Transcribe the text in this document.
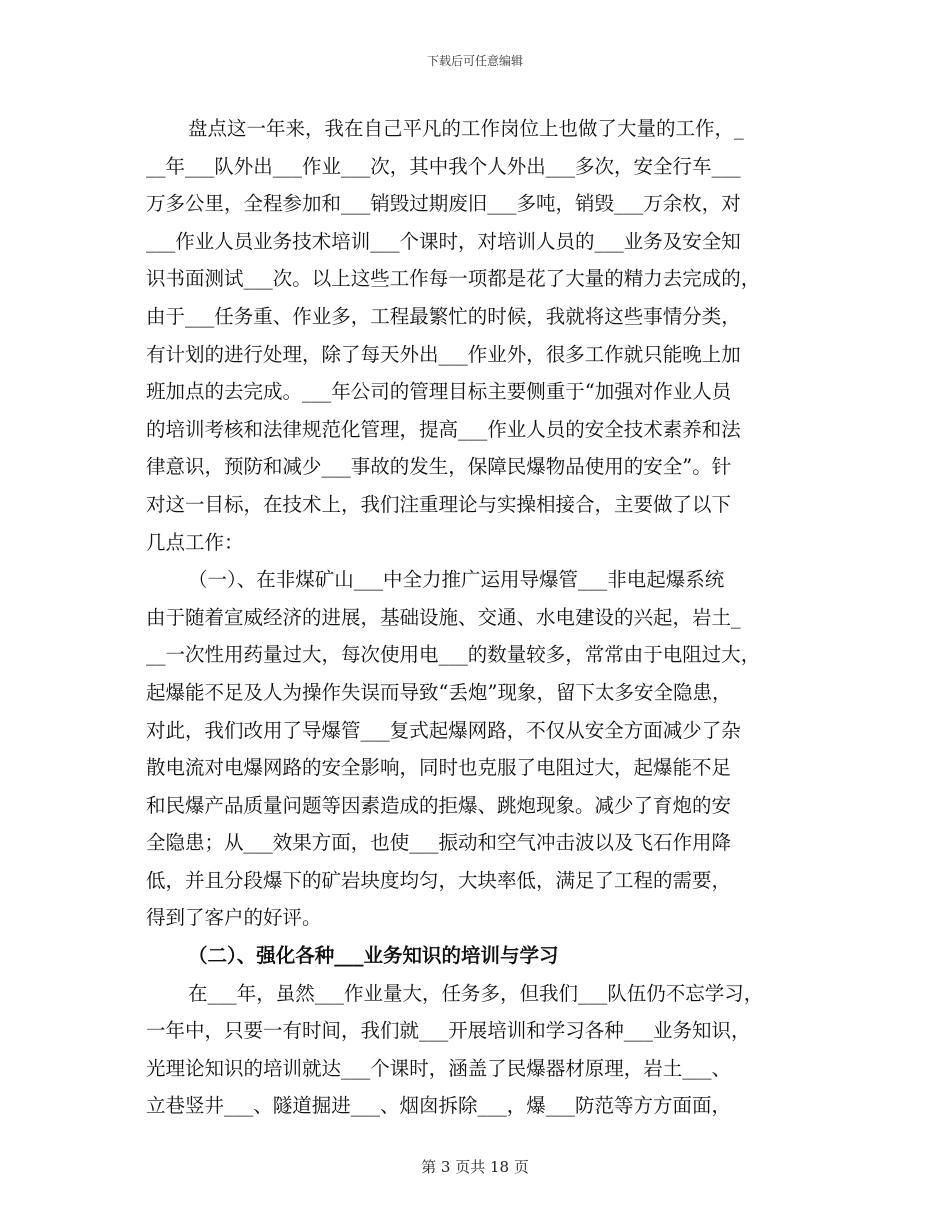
下载后可任意编辑
盘点这一年来，我在自己平凡的工作岗位上也做了大量的工作，_
__年___队外出___作业___次，其中我个人外出___多次，安全行车___
万多公里，全程参加和___销毁过期废旧___多吨，销毁___万余枚，对
___作业人员业务技术培训___个课时，对培训人员的___业务及安全知
识书面测试___次。以上这些工作每一项都是花了大量的精力去完成的，
由于___任务重、作业多，工程最繁忙的时候，我就将这些事情分类，
有计划的进行处理，除了每天外出___作业外，很多工作就只能晚上加
班加点的去完成。___年公司的管理目标主要侧重于“加强对作业人员
的培训考核和法律规范化管理，提高___作业人员的安全技术素养和法
律意识，预防和减少___事故的发生，保障民爆物品使用的安全”。针
对这一目标，在技术上，我们注重理论与实操相接合，主要做了以下
几点工作：
（一）、在非煤矿山___中全力推广运用导爆管___非电起爆系统
由于随着宣威经济的进展，基础设施、交通、水电建设的兴起，岩土_
__一次性用药量过大，每次使用电___的数量较多，常常由于电阻过大，
起爆能不足及人为操作失误而导致“丢炮”现象，留下太多安全隐患，
对此，我们改用了导爆管___复式起爆网路，不仅从安全方面减少了杂
散电流对电爆网路的安全影响，同时也克服了电阻过大，起爆能不足
和民爆产品质量问题等因素造成的拒爆、跳炮现象。减少了育炮的安
全隐患；从___效果方面，也使___振动和空气冲击波以及飞石作用降
低，并且分段爆下的矿岩块度均匀，大块率低，满足了工程的需要，
得到了客户的好评。
（二）、强化各种___业务知识的培训与学习
在___年，虽然___作业量大，任务多，但我们___队伍仍不忘学习，
一年中，只要一有时间，我们就___开展培训和学习各种___业务知识，
光理论知识的培训就达___个课时，涵盖了民爆器材原理，岩土___、
立巷竖井___、隧道掘进___、烟囱拆除___，爆___防范等方方面面，
第 3 页共 18 页
